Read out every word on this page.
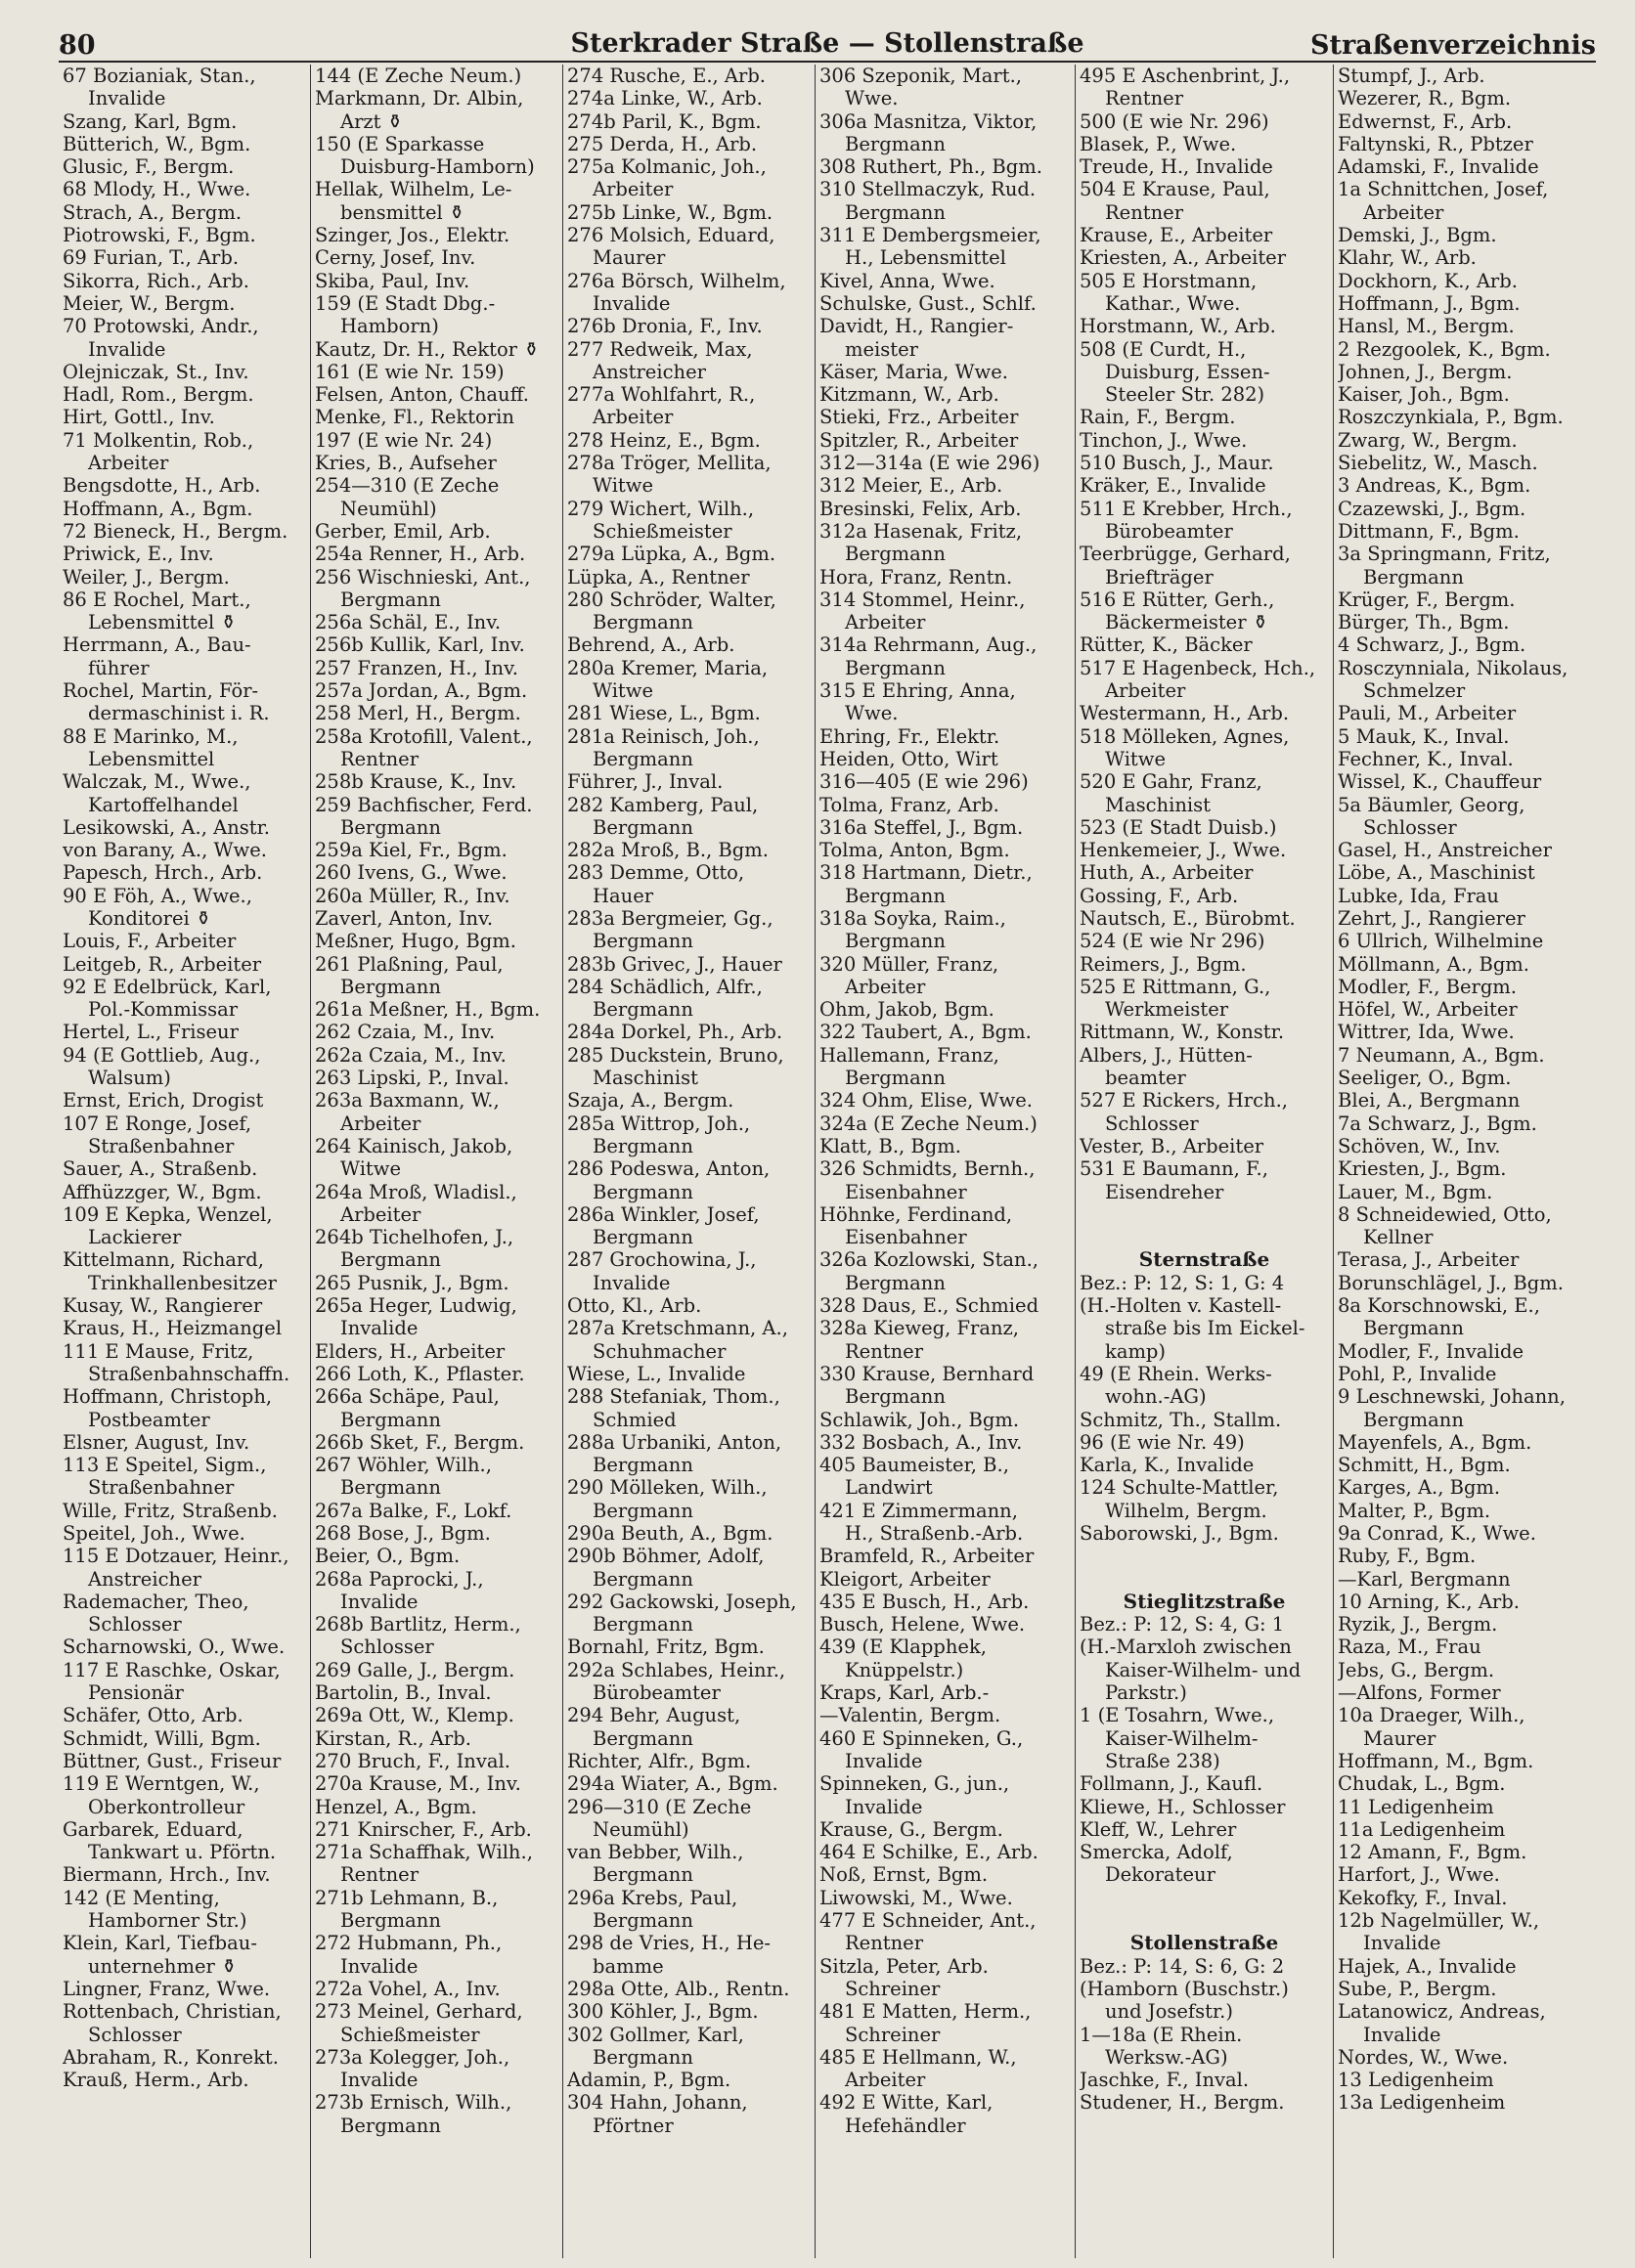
80	Sterkrader Straße — Stollenstraße	Straßenverzeichnis
67 Bozianiak, Stan.,
Invalide
Szang, Karl, Bgm.
Bütterich, W., Bgm.
Glusic, F., Bergm.
68 Mlody, H., Wwe.
Strach, A., Bergm.
Piotrowski, F., Bgm.
69 Furian, T., Arb.
Sikorra, Rich., Arb.
Meier, W., Bergm.
70 Protowski, Andr.,
Invalide
Olejniczak, St., Inv.
Hadl, Rom., Bergm.
Hirt, Gottl., Inv.
71 Molkentin, Rob.,
Arbeiter
Bengsdotte, H., Arb.
Hoffmann, A., Bgm.
72 Bieneck, H., Bergm.
Priwick, E., Inv.
Weiler, J., Bergm.
86 E Rochel, Mart.,
Lebensmittel ⚱
Herrmann, A., Bau-
führer
Rochel, Martin, För-
dermaschinist i. R.
88 E Marinko, M.,
Lebensmittel
Walczak, M., Wwe.,
Kartoffelhandel
Lesikowski, A., Anstr.
von Barany, A., Wwe.
Papesch, Hrch., Arb.
90 E Föh, A., Wwe.,
Konditorei ⚱
Louis, F., Arbeiter
Leitgeb, R., Arbeiter
92 E Edelbrück, Karl,
Pol.-Kommissar
Hertel, L., Friseur
94 (E Gottlieb, Aug.,
Walsum)
Ernst, Erich, Drogist
107 E Ronge, Josef,
Straßenbahner
Sauer, A., Straßenb.
Affhüzzger, W., Bgm.
109 E Kepka, Wenzel,
Lackierer
Kittelmann, Richard,
Trinkhallenbesitzer
Kusay, W., Rangierer
Kraus, H., Heizmangel
111 E Mause, Fritz,
Straßenbahnschaffn.
Hoffmann, Christoph,
Postbeamter
Elsner, August, Inv.
113 E Speitel, Sigm.,
Straßenbahner
Wille, Fritz, Straßenb.
Speitel, Joh., Wwe.
115 E Dotzauer, Heinr.,
Anstreicher
Rademacher, Theo,
Schlosser
Scharnowski, O., Wwe.
117 E Raschke, Oskar,
Pensionär
Schäfer, Otto, Arb.
Schmidt, Willi, Bgm.
Büttner, Gust., Friseur
119 E Werntgen, W.,
Oberkontrolleur
Garbarek, Eduard,
Tankwart u. Pförtn.
Biermann, Hrch., Inv.
142 (E Menting,
Hamborner Str.)
Klein, Karl, Tiefbau-
unternehmer ⚱
Lingner, Franz, Wwe.
Rottenbach, Christian,
Schlosser
Abraham, R., Konrekt.
Krauß, Herm., Arb.
144 (E Zeche Neum.)
Markmann, Dr. Albin,
Arzt ⚱
150 (E Sparkasse
Duisburg-Hamborn)
Hellak, Wilhelm, Le-
bensmittel ⚱
Szinger, Jos., Elektr.
Cerny, Josef, Inv.
Skiba, Paul, Inv.
159 (E Stadt Dbg.-
Hamborn)
Kautz, Dr. H., Rektor ⚱
161 (E wie Nr. 159)
Felsen, Anton, Chauff.
Menke, Fl., Rektorin
197 (E wie Nr. 24)
Kries, B., Aufseher
254—310 (E Zeche
Neumühl)
Gerber, Emil, Arb.
254a Renner, H., Arb.
256 Wischnieski, Ant.,
Bergmann
256a Schäl, E., Inv.
256b Kullik, Karl, Inv.
257 Franzen, H., Inv.
257a Jordan, A., Bgm.
258 Merl, H., Bergm.
258a Krotofill, Valent.,
Rentner
258b Krause, K., Inv.
259 Bachfischer, Ferd.
Bergmann
259a Kiel, Fr., Bgm.
260 Ivens, G., Wwe.
260a Müller, R., Inv.
Zaverl, Anton, Inv.
Meßner, Hugo, Bgm.
261 Plaßning, Paul,
Bergmann
261a Meßner, H., Bgm.
262 Czaia, M., Inv.
262a Czaia, M., Inv.
263 Lipski, P., Inval.
263a Baxmann, W.,
Arbeiter
264 Kainisch, Jakob,
Witwe
264a Mroß, Wladisl.,
Arbeiter
264b Tichelhofen, J.,
Bergmann
265 Pusnik, J., Bgm.
265a Heger, Ludwig,
Invalide
Elders, H., Arbeiter
266 Loth, K., Pflaster.
266a Schäpe, Paul,
Bergmann
266b Sket, F., Bergm.
267 Wöhler, Wilh.,
Bergmann
267a Balke, F., Lokf.
268 Bose, J., Bgm.
Beier, O., Bgm.
268a Paprocki, J.,
Invalide
268b Bartlitz, Herm.,
Schlosser
269 Galle, J., Bergm.
Bartolin, B., Inval.
269a Ott, W., Klemp.
Kirstan, R., Arb.
270 Bruch, F., Inval.
270a Krause, M., Inv.
Henzel, A., Bgm.
271 Knirscher, F., Arb.
271a Schaffhak, Wilh.,
Rentner
271b Lehmann, B.,
Bergmann
272 Hubmann, Ph.,
Invalide
272a Vohel, A., Inv.
273 Meinel, Gerhard,
Schießmeister
273a Kolegger, Joh.,
Invalide
273b Ernisch, Wilh.,
Bergmann
274 Rusche, E., Arb.
274a Linke, W., Arb.
274b Paril, K., Bgm.
275 Derda, H., Arb.
275a Kolmanic, Joh.,
Arbeiter
275b Linke, W., Bgm.
276 Molsich, Eduard,
Maurer
276a Börsch, Wilhelm,
Invalide
276b Dronia, F., Inv.
277 Redweik, Max,
Anstreicher
277a Wohlfahrt, R.,
Arbeiter
278 Heinz, E., Bgm.
278a Tröger, Mellita,
Witwe
279 Wichert, Wilh.,
Schießmeister
279a Lüpka, A., Bgm.
Lüpka, A., Rentner
280 Schröder, Walter,
Bergmann
Behrend, A., Arb.
280a Kremer, Maria,
Witwe
281 Wiese, L., Bgm.
281a Reinisch, Joh.,
Bergmann
Führer, J., Inval.
282 Kamberg, Paul,
Bergmann
282a Mroß, B., Bgm.
283 Demme, Otto,
Hauer
283a Bergmeier, Gg.,
Bergmann
283b Grivec, J., Hauer
284 Schädlich, Alfr.,
Bergmann
284a Dorkel, Ph., Arb.
285 Duckstein, Bruno,
Maschinist
Szaja, A., Bergm.
285a Wittrop, Joh.,
Bergmann
286 Podeswa, Anton,
Bergmann
286a Winkler, Josef,
Bergmann
287 Grochowina, J.,
Invalide
Otto, Kl., Arb.
287a Kretschmann, A.,
Schuhmacher
Wiese, L., Invalide
288 Stefaniak, Thom.,
Schmied
288a Urbaniki, Anton,
Bergmann
290 Mölleken, Wilh.,
Bergmann
290a Beuth, A., Bgm.
290b Böhmer, Adolf,
Bergmann
292 Gackowski, Joseph,
Bergmann
Bornahl, Fritz, Bgm.
292a Schlabes, Heinr.,
Bürobeamter
294 Behr, August,
Bergmann
Richter, Alfr., Bgm.
294a Wiater, A., Bgm.
296—310 (E Zeche
Neumühl)
van Bebber, Wilh.,
Bergmann
296a Krebs, Paul,
Bergmann
298 de Vries, H., He-
bamme
298a Otte, Alb., Rentn.
300 Köhler, J., Bgm.
302 Gollmer, Karl,
Bergmann
Adamin, P., Bgm.
304 Hahn, Johann,
Pförtner
306 Szeponik, Mart.,
Wwe.
306a Masnitza, Viktor,
Bergmann
308 Ruthert, Ph., Bgm.
310 Stellmaczyk, Rud.
Bergmann
311 E Dembergsmeier,
H., Lebensmittel
Kivel, Anna, Wwe.
Schulske, Gust., Schlf.
Davidt, H., Rangier-
meister
Käser, Maria, Wwe.
Kitzmann, W., Arb.
Stieki, Frz., Arbeiter
Spitzler, R., Arbeiter
312—314a (E wie 296)
312 Meier, E., Arb.
Bresinski, Felix, Arb.
312a Hasenak, Fritz,
Bergmann
Hora, Franz, Rentn.
314 Stommel, Heinr.,
Arbeiter
314a Rehrmann, Aug.,
Bergmann
315 E Ehring, Anna,
Wwe.
Ehring, Fr., Elektr.
Heiden, Otto, Wirt
316—405 (E wie 296)
Tolma, Franz, Arb.
316a Steffel, J., Bgm.
Tolma, Anton, Bgm.
318 Hartmann, Dietr.,
Bergmann
318a Soyka, Raim.,
Bergmann
320 Müller, Franz,
Arbeiter
Ohm, Jakob, Bgm.
322 Taubert, A., Bgm.
Hallemann, Franz,
Bergmann
324 Ohm, Elise, Wwe.
324a (E Zeche Neum.)
Klatt, B., Bgm.
326 Schmidts, Bernh.,
Eisenbahner
Höhnke, Ferdinand,
Eisenbahner
326a Kozlowski, Stan.,
Bergmann
328 Daus, E., Schmied
328a Kieweg, Franz,
Rentner
330 Krause, Bernhard
Bergmann
Schlawik, Joh., Bgm.
332 Bosbach, A., Inv.
405 Baumeister, B.,
Landwirt
421 E Zimmermann,
H., Straßenb.-Arb.
Bramfeld, R., Arbeiter
Kleigort, Arbeiter
435 E Busch, H., Arb.
Busch, Helene, Wwe.
439 (E Klapphek,
Knüppelstr.)
Kraps, Karl, Arb.-
—Valentin, Bergm.
460 E Spinneken, G.,
Invalide
Spinneken, G., jun.,
Invalide
Krause, G., Bergm.
464 E Schilke, E., Arb.
Noß, Ernst, Bgm.
Liwowski, M., Wwe.
477 E Schneider, Ant.,
Rentner
Sitzla, Peter, Arb.
Schreiner
481 E Matten, Herm.,
Schreiner
485 E Hellmann, W.,
Arbeiter
492 E Witte, Karl,
Hefehändler
495 E Aschenbrint, J.,
Rentner
500 (E wie Nr. 296)
Blasek, P., Wwe.
Treude, H., Invalide
504 E Krause, Paul,
Rentner
Krause, E., Arbeiter
Kriesten, A., Arbeiter
505 E Horstmann,
Kathar., Wwe.
Horstmann, W., Arb.
508 (E Curdt, H.,
Duisburg, Essen-
Steeler Str. 282)
Rain, F., Bergm.
Tinchon, J., Wwe.
510 Busch, J., Maur.
Kräker, E., Invalide
511 E Krebber, Hrch.,
Bürobeamter
Teerbrügge, Gerhard,
Briefträger
516 E Rütter, Gerh.,
Bäckermeister ⚱
Rütter, K., Bäcker
517 E Hagenbeck, Hch.,
Arbeiter
Westermann, H., Arb.
518 Mölleken, Agnes,
Witwe
520 E Gahr, Franz,
Maschinist
523 (E Stadt Duisb.)
Henkemeier, J., Wwe.
Huth, A., Arbeiter
Gossing, F., Arb.
Nautsch, E., Bürobmt.
524 (E wie Nr 296)
Reimers, J., Bgm.
525 E Rittmann, G.,
Werkmeister
Rittmann, W., Konstr.
Albers, J., Hütten-
beamter
527 E Rickers, Hrch.,
Schlosser
Vester, B., Arbeiter
531 E Baumann, F.,
Eisendreher
Sternstraße
Bez.: P: 12, S: 1, G: 4
(H.-Holten v. Kastell-
straße bis Im Eickel-
kamp)
49 (E Rhein. Werks-
wohn.-AG)
Schmitz, Th., Stallm.
96 (E wie Nr. 49)
Karla, K., Invalide
124 Schulte-Mattler,
Wilhelm, Bergm.
Saborowski, J., Bgm.
Stieglitzstraße
Bez.: P: 12, S: 4, G: 1
(H.-Marxloh zwischen
Kaiser-Wilhelm- und
Parkstr.)
1 (E Tosahrn, Wwe.,
Kaiser-Wilhelm-
Straße 238)
Follmann, J., Kaufl.
Kliewe, H., Schlosser
Kleff, W., Lehrer
Smercka, Adolf,
Dekorateur
Stollenstraße
Bez.: P: 14, S: 6, G: 2
(Hamborn (Buschstr.)
und Josefstr.)
1—18a (E Rhein.
Werksw.-AG)
Jaschke, F., Inval.
Studener, H., Bergm.
Stumpf, J., Arb.
Wezerer, R., Bgm.
Edwernst, F., Arb.
Faltynski, R., Pbtzer
Adamski, F., Invalide
1a Schnittchen, Josef,
Arbeiter
Demski, J., Bgm.
Klahr, W., Arb.
Dockhorn, K., Arb.
Hoffmann, J., Bgm.
Hansl, M., Bergm.
2 Rezgoolek, K., Bgm.
Johnen, J., Bergm.
Kaiser, Joh., Bgm.
Roszczynkiala, P., Bgm.
Zwarg, W., Bergm.
Siebelitz, W., Masch.
3 Andreas, K., Bgm.
Czazewski, J., Bgm.
Dittmann, F., Bgm.
3a Springmann, Fritz,
Bergmann
Krüger, F., Bergm.
Bürger, Th., Bgm.
4 Schwarz, J., Bgm.
Rosczynniala, Nikolaus,
Schmelzer
Pauli, M., Arbeiter
5 Mauk, K., Inval.
Fechner, K., Inval.
Wissel, K., Chauffeur
5a Bäumler, Georg,
Schlosser
Gasel, H., Anstreicher
Löbe, A., Maschinist
Lubke, Ida, Frau
Zehrt, J., Rangierer
6 Ullrich, Wilhelmine
Möllmann, A., Bgm.
Modler, F., Bergm.
Höfel, W., Arbeiter
Wittrer, Ida, Wwe.
7 Neumann, A., Bgm.
Seeliger, O., Bgm.
Blei, A., Bergmann
7a Schwarz, J., Bgm.
Schöven, W., Inv.
Kriesten, J., Bgm.
Lauer, M., Bgm.
8 Schneidewied, Otto,
Kellner
Terasa, J., Arbeiter
Borunschlägel, J., Bgm.
8a Korschnowski, E.,
Bergmann
Modler, F., Invalide
Pohl, P., Invalide
9 Leschnewski, Johann,
Bergmann
Mayenfels, A., Bgm.
Schmitt, H., Bgm.
Karges, A., Bgm.
Malter, P., Bgm.
9a Conrad, K., Wwe.
Ruby, F., Bgm.
—Karl, Bergmann
10 Arning, K., Arb.
Ryzik, J., Bergm.
Raza, M., Frau
Jebs, G., Bergm.
—Alfons, Former
10a Draeger, Wilh.,
Maurer
Hoffmann, M., Bgm.
Chudak, L., Bgm.
11 Ledigenheim
11a Ledigenheim
12 Amann, F., Bgm.
Harfort, J., Wwe.
Kekofky, F., Inval.
12b Nagelmüller, W.,
Invalide
Hajek, A., Invalide
Sube, P., Bergm.
Latanowicz, Andreas,
Invalide
Nordes, W., Wwe.
13 Ledigenheim
13a Ledigenheim
